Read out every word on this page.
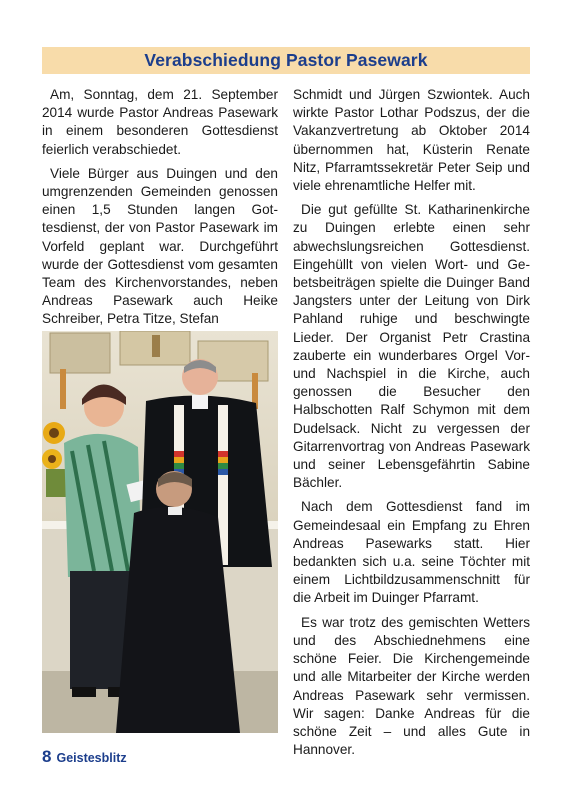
Verabschiedung Pastor Pasewark

Am, Sonntag, dem 21. September 2014 wurde Pastor Andreas Pasewark in einem besonderen Gottesdienst feierlich verabschiedet.

Viele Bürger aus Duingen und den umgrenzenden Gemeinden genossen einen 1,5 Stunden langen Gottesdienst, der von Pastor Pasewark im Vorfeld geplant war. Durchgeführt wurde der Gottesdienst vom gesamten Team des Kirchenvorstandes, neben Andreas Pasewark auch Heike Schreiber, Petra Titze, Stefan

Schmidt und Jürgen Szwiontek. Auch wirkte Pastor Lothar Podszus, der die Vakanzvertretung ab Oktober 2014 übernommen hat, Küsterin Renate Nitz, Pfarramtssekretär Peter Seip und viele ehrenamtliche Helfer mit.

Die gut gefüllte St. Katharinenkirche zu Duingen erlebte einen sehr abwechslungsreichen Gottesdienst. Eingehüllt von vielen Wort- und Gebetsbeiträgen spielte die Duinger Band Jangsters unter der Leitung von Dirk Pahland ruhige und beschwingte Lieder. Der Organist Petr Crastina zauberte ein wunderbares Orgel Vor- und Nachspiel in die Kirche, auch genossen die Besucher den Halbschotten Ralf Schymon mit dem Dudelsack. Nicht zu vergessen der Gitarrenvortrag von Andreas Pasewark und seiner Lebensgefährtin Sabine Bächler.

Nach dem Gottesdienst fand im Gemeindesaal ein Empfang zu Ehren Andreas Pasewarks statt. Hier bedankten sich u.a. seine Töchter mit einem Lichtbildzusammenschnitt für die Arbeit im Duinger Pfarramt.

Es war trotz des gemischten Wetters und des Abschiednehmens eine schöne Feier. Die Kirchengemeinde und alle Mitarbeiter der Kirche werden Andreas Pasewark sehr vermissen. Wir sagen: Danke Andreas für die schöne Zeit – und alles Gute in Hannover.

8 Geistesblitz
